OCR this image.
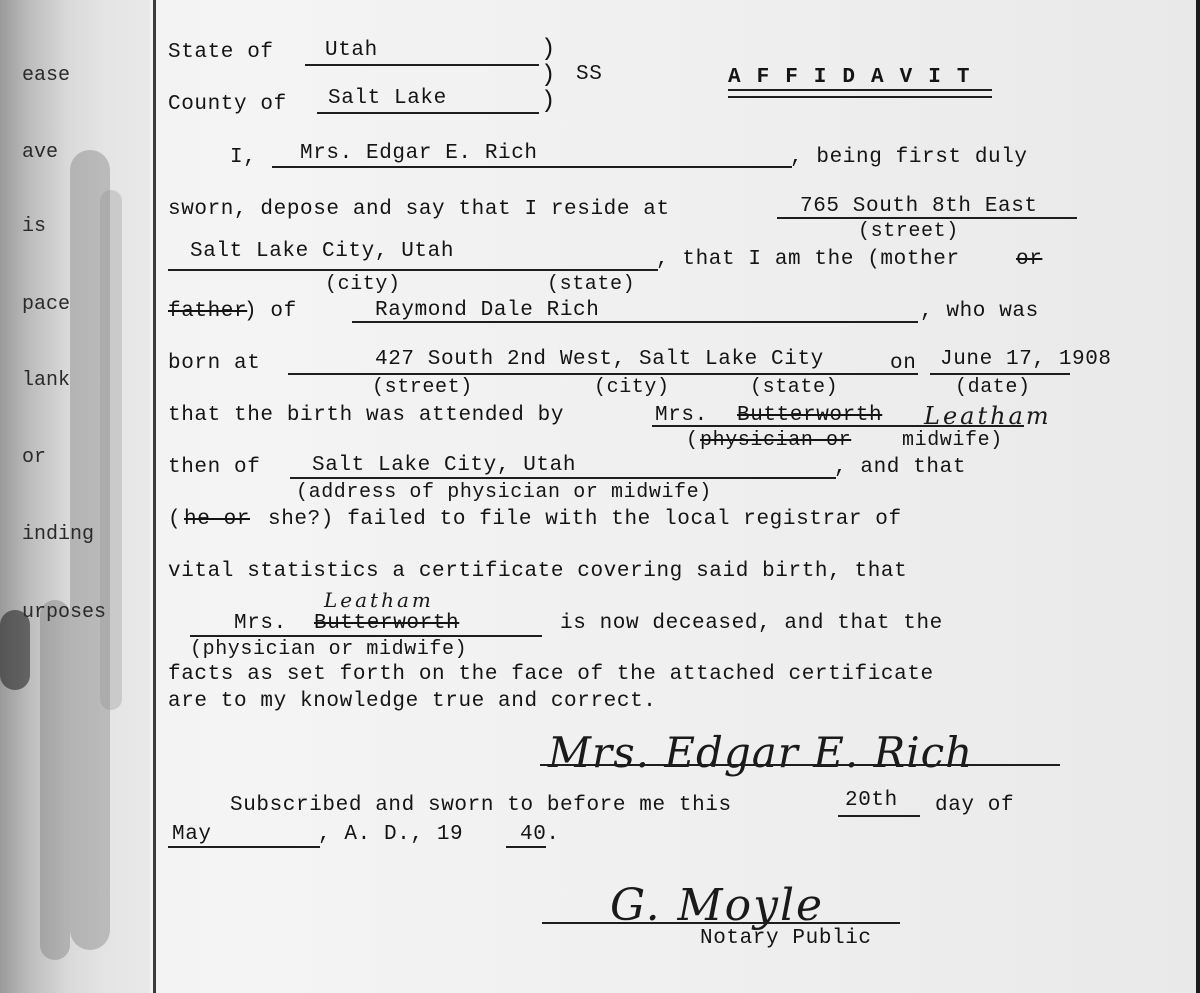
ease
ave
is
pace
lank
or
inding
urposes
State of Utah	)
)
)
SS	AFFIDAVIT
County of Salt Lake
I, Mrs. Edgar E. Rich	, being first duly
sworn, depose and say that I reside at	765 South 8th East
(street)
Salt Lake City, Utah	, that I am the (mother	or
(city)	(state)
father
) of	Raymond Dale Rich	, who was
born at	427 South 2nd West, Salt Lake City	on June 17, 1908
(street)	(city)	(state)	(date)
that the birth was attended by	Mrs. Butterworth Leatham
( physician or	midwife)
then of Salt Lake City, Utah	, and that
(address of physician or midwife)
( he or she?) failed to file with the local registrar of
vital statistics a certificate covering said birth, that
Mrs. Butterworth
Leatham
is now deceased, and that the
(physician or midwife)
facts as set forth on the face of the attached certificate
are to my knowledge true and correct.
Mrs. Edgar E. Rich
Subscribed and sworn to before me this	20th day of
May	, A. D., 19	40.
G. Moyle
Notary Public
